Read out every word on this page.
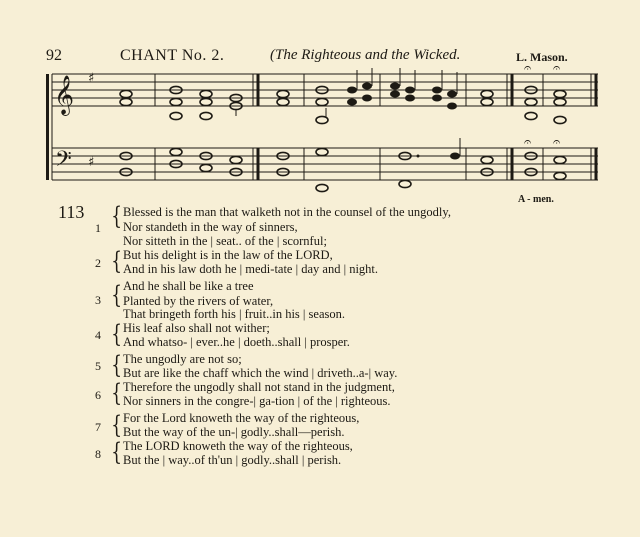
92	CHANT No. 2.	(The Righteous and the Wicked.	L. Mason.
𝄞
𝄢
♯
♯
𝄐 𝄐
𝄐 𝄐
A - men.
113
1 { Blessed is the man that walketh not in the counsel of the ungodly,
Nor standeth in the way of sinners,
Nor sitteth in the | seat.. of the | scornful;
2 { But his delight is in the law of the LORD,
And in his law doth he | medi-tate | day and | night.
3 { And he shall be like a tree
Planted by the rivers of water,
That bringeth forth his | fruit..in his | season.
4 { His leaf also shall not wither;
And whatso- | ever..he | doeth..shall | prosper.
5 { The ungodly are not so;
But are like the chaff which the wind | driveth..a-| way.
6 { Therefore the ungodly shall not stand in the judgment,
Nor sinners in the congre-| ga-tion | of the | righteous.
7 { For the Lord knoweth the way of the righteous,
But the way of the un-| godly..shall—perish.
8 { The LORD knoweth the way of the righteous,
But the | way..of th'un | godly..shall | perish.
